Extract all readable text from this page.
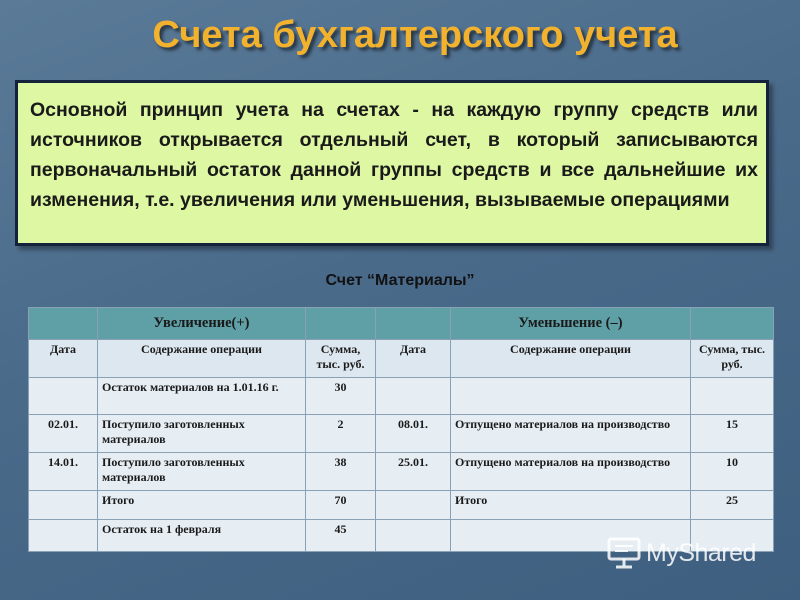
Счета бухгалтерского учета

Основной принцип учета на счетах - на каждую группу средств или источников открывается отдельный счет, в который записываются первоначальный остаток данной группы средств и все дальнейшие их изменения, т.е. увеличения или уменьшения, вызываемые операциями

Счет “Материалы”
	Увеличение(+)			Уменьшение (–)	
Дата	Содержание операции	Сумма, тыс. руб.	Дата	Содержание операции	Сумма, тыс. руб.
	Остаток материалов на 1.01.16 г.	30			
02.01.	Поступило заготовленных материалов	2	08.01.	Отпущено материалов на производство	15
14.01.	Поступило заготовленных материалов	38	25.01.	Отпущено материалов на производство	10
	Итого	70		Итого	25
	Остаток на 1 февраля	45			
MyShared
